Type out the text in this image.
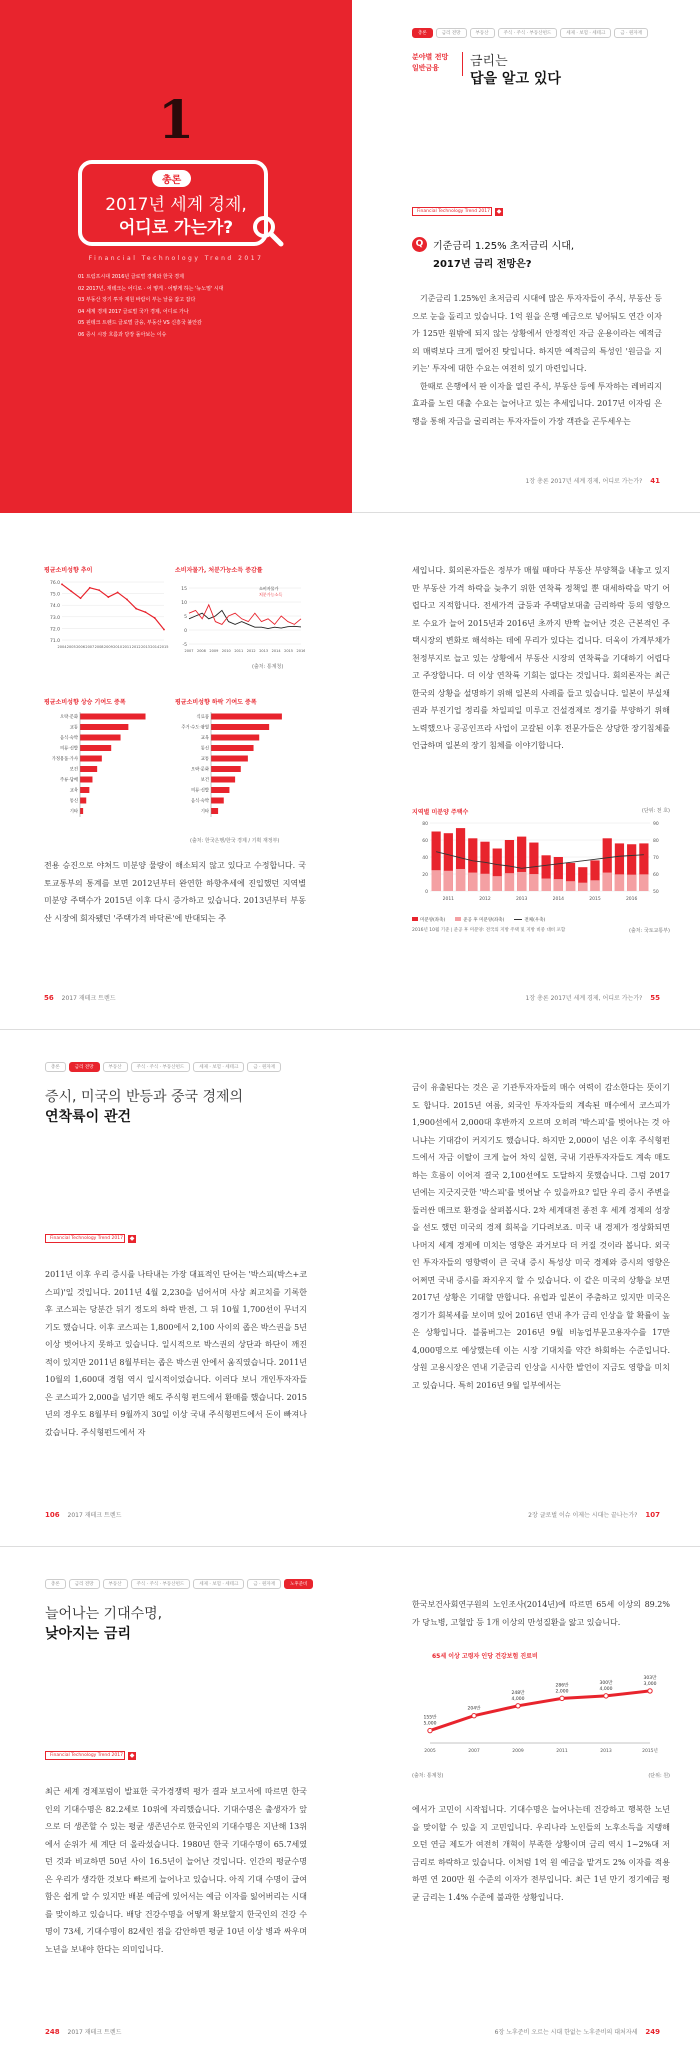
1
총론
2017년 세계 경제,
어디로 가는가?
Financial Technology Trend 2017
01 트럼프시대 2016년 글로벌 경제와 한국 경제
02 2017년, 재테크는 어디로 · 어 떻게 · 어떻게 하는 '뉴노멀' 시대
03 부동산 장기 투자 재원 바람이 부는 날을 잡고 잡다
04 세계 경제 2017 글로벌 국가 경제, 어디로 가나
05 핀테크 트렌드 글로벌 금융, 부동산 VS 신흥국 불안감
06 증시 시장 흐름과 당장 돌아보는 이슈
총론	금리 전망	부동산	주식 · 주식 · 부동산펀드	세제 · 보험 · 세테크	금 · 원자재
분야별 전망
일반금융 금리는
답을 알고 있다
Financial Technology Trend 2017	◆
Q 기준금리 1.25% 초저금리 시대,
2017년 금리 전망은?

기준금리 1.25%인 초저금리 시대에 많은 투자자들이 주식, 부동산 등으로 눈을 돌리고 있습니다. 1억 원을 은행 예금으로 넣어둬도 연간 이자가 125만 원밖에 되지 않는 상황에서 안정적인 자금 운용이라는 예적금의 매력보다 크게 떨어진 탓입니다. 하지만 예적금의 특성인 '원금을 지키는' 투자에 대한 수요는 여전히 있기 마련입니다.

한때로 은행에서 판 이자율 열린 주식, 부동산 등에 투자하는 레버리지 효과를 노린 대출 수요는 늘어나고 있는 추세입니다. 2017년 이자림 은행을 통해 자금을 굴리려는 투자자들이 가장 객관을 곤두세우는

1장 총론 2017년 세계 경제, 어디로 가는가? 41
평균소비성향 추이
76.0
75.0
74.0
73.0
72.0
71.0
2004 2005 2006 2007 2008 2009 2010 2011 2012 2013 2014 2015
소비자물가, 처분가능소득 증감률
15
10
5
0
-5
소비자물가
처분가능소득
2007 2008 2009 2010 2011 2012 2013 2014 2015 2016
(출처: 통계청)
평균소비성향 상승 기여도 증폭
오락·문화
교통
음식·숙박
의류·신발
가정용품·가사
보건
주류·담배
교육
통신
기타
평균소비성향 하락 기여도 증폭
식료품
주거·수도·광열
교육
통신
교통
오락·문화
보건
의류·신발
음식·숙박
기타
(출처: 한국은행/한국 경제 / 기획 재정부)
전용 승진으로 야쳐드 미분양 물량이 해소되지 않고 있다고 수정합니다. 국토교통부의 통계를 보면 2012년부터 완연한 하향추세에 진입했던 지역별 미분양 주택수가 2015년 이후 다시 증가하고 있습니다. 2013년부터 부동산 시장에 회자됐던 '주택가격 바닥론'에 반대되는 주
56 2017 재테크 트렌드
세입니다. 회의론자들은 정부가 매월 때마다 부동산 부양책을 내놓고 있지만 부동산 가격 하락을 늦추기 위한 연착륙 정책일 뿐 대세하락을 막기 어렵다고 지적합니다. 전세가격 급등과 주택담보대출 금리하락 등의 영향으로 수요가 늘어 2015년과 2016년 초까지 반짝 늘어난 것은 근본적인 주택시장의 변화로 해석하는 데에 무리가 있다는 겁니다. 더욱이 가계부채가 천정부지로 늘고 있는 상황에서 부동산 시장의 연착륙을 기대하기 어렵다고 주장합니다. 더 이상 연착륙 기회는 없다는 것입니다. 회의론자는 최근 한국의 상황을 설명하기 위해 일본의 사례를 들고 있습니다. 일본이 부실채권과 부진기업 정리를 차일피일 미루고 건설경제로 경기를 부양하기 위해 노력했으나 공공인프라 사업이 고갈된 이후 전문가들은 상당한 장기침체를 언급하며 일본의 장기 침체를 이야기합니다.
지역별 미분양 주택수	(단위: 천 호)
80	90
60	80
40	70
20	60
0	50
2011	2012	2013	2014	2015	2016
미분양(좌축)	준공 후 미분양(좌축)	전체(우축)
2016년 10월 기준 | 준공 후 미분양: 전국의 지방 주택 및 지방 비중 대비 포함	(출처: 국토교통부)
1장 총론 2017년 세계 경제, 어디로 가는가? 55
총론	금리 전망	부동산	주식 · 주식 · 부동산펀드	세제 · 보험 · 세테크	금 · 원자재
증시, 미국의 반등과 중국 경제의
연착륙이 관건
Financial Technology Trend 2017	◆
2011년 이후 우리 증시를 나타내는 가장 대표적인 단어는 '박스피(박스+코스피)'일 것입니다. 2011년 4월 2,230을 넘어서며 사상 최고치를 기록한 후 코스피는 당분간 뒤기 정도의 하락 반전, 그 뒤 10월 1,700선이 무너지기도 했습니다. 이후 코스피는 1,800에서 2,100 사이의 좁은 박스권을 5년 이상 벗어나지 못하고 있습니다. 일시적으로 박스권의 상단과 하단이 깨진 적이 있지만 2011년 8월부터는 좁은 박스권 안에서 움직였습니다. 2011년 10월의 1,600대 경험 역시 일시적이었습니다. 이러다 보니 개인투자자들은 코스피가 2,000을 넘기만 해도 주식형 펀드에서 환매를 했습니다. 2015년의 경우도 8월부터 9월까지 30일 이상 국내 주식형펀드에서 돈이 빠져나갔습니다. 주식형펀드에서 자
106 2017 재테크 트렌드
금이 유출된다는 것은 곧 기관투자자들의 매수 여력이 감소한다는 뜻이기도 합니다. 2015년 여름, 외국인 투자자들의 계속된 매수에서 코스피가 1,900선에서 2,000대 후반까지 오르며 오히려 '박스피'를 벗어나는 것 아니냐는 기대감이 커지기도 했습니다. 하지만 2,000이 넘은 이후 주식형펀드에서 자금 이탈이 크게 늘어 차익 실현, 국내 기관투자자들도 계속 매도하는 흐름이 이어져 결국 2,100선에도 도달하지 못했습니다. 그럼 2017년에는 지긋지긋한 '박스피'를 벗어날 수 있을까요? 일단 우리 증시 주변을 둘러싼 매크로 환경을 살펴봅시다. 2차 세계대전 종전 후 세계 경제의 성장을 선도 했던 미국의 경제 회복을 기다려보죠. 미국 내 경제가 정상화되면 나머지 세계 경제에 미치는 영향은 과거보다 더 커질 것이라 봅니다. 외국인 투자자들의 영향력이 큰 국내 증시 특성상 미국 경제와 증시의 영향은 어쩌면 국내 증시를 좌지우지 할 수 있습니다. 이 같은 미국의 상황을 보면 2017년 상황은 기대할 만합니다. 유럽과 일본이 주춤하고 있지만 미국은 경기가 회복세를 보이며 있어 2016년 연내 추가 금리 인상을 할 확률이 높은 상황입니다. 블룸버그는 2016년 9월 비농업부문고용자수를 17만 4,000명으로 예상했는데 이는 시장 기대치를 약간 하회하는 수준입니다. 상원 고용시장은 연내 기준금리 인상을 시사한 발언이 지금도 영향을 미치고 있습니다. 특히 2016년 9월 일부에서는
2장 글로벌 이슈 이제는 시대는 끝나는가? 107
총론	금리 전망	부동산	주식 · 주식 · 부동산펀드	세제 · 보험 · 세테크	금 · 원자재	노후준비
늘어나는 기대수명,
낮아지는 금리
Financial Technology Trend 2017	◆
최근 세계 경제포럼이 발표한 국가경쟁력 평가 결과 보고서에 따르면 한국인의 기대수명은 82.2세로 10위에 자리했습니다. 기대수명은 출생자가 앞으로 더 생존할 수 있는 평균 생존년수로 한국인의 기대수명은 지난해 13위에서 순위가 세 계단 더 올라섰습니다. 1980년 한국 기대수명이 65.7세였던 것과 비교하면 50년 사이 16.5년이 늘어난 것입니다. 인간의 평균수명은 우리가 생각한 것보다 빠르게 늘어나고 있습니다. 아직 기대 수명이 급여함은 쉽게 알 수 있지만 배분 예금에 있어서는 예금 이자를 잃어버리는 시대를 맞이하고 있습니다. 배당 건강수명을 어떻게 확보할지 한국인의 건강 수명이 73세, 기대수명이 82세인 점을 감안하면 평균 10년 이상 병과 싸우며 노년을 보내야 한다는 의미입니다.
248 2017 재테크 트렌드
한국보건사회연구원의 노인조사(2014년)에 따르면 65세 이상의 89.2%가 당뇨병, 고혈압 등 1개 이상의 만성질환을 앓고 있습니다.
65세 이상 고령자 인당 건강보험 진료비
155만
5,000
2005
204만
2007
248만
4,000
2009
286만
2,000
2011
300만
4,000
2013
303만
3,000
2015년
(출처: 통계청)	(단위: 원)
에서가 고민이 시작됩니다. 기대수명은 늘어나는데 건강하고 행복한 노년을 맞이할 수 있을 지 고민입니다. 우리나라 노인들의 노후소득을 지탱해 오던 연금 제도가 여전히 개혁이 부족한 상황이며 금리 역시 1~2%대 저금리로 하락하고 있습니다. 이처럼 1억 원 예금을 맡겨도 2% 이자를 적용하면 연 200만 원 수준의 이자가 전부입니다. 최근 1년 만기 정기예금 평균 금리는 1.4% 수준에 불과한 상황입니다.
6장 노후준비 오르는 시대 한없는 노후준비의 대처자세 249
